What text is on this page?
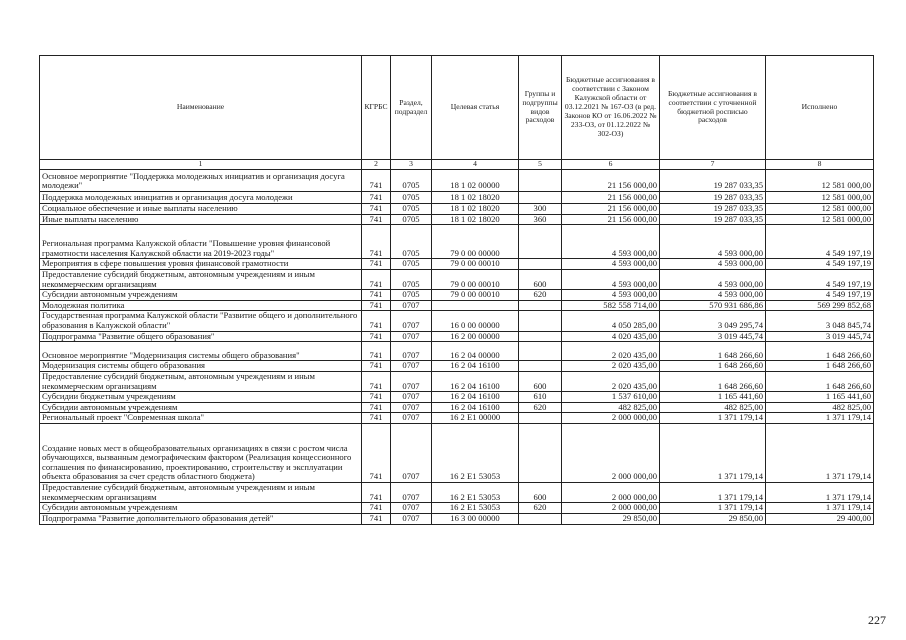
Наименование	КГРБС	Раздел, подраздел	Целевая статья	Группы и подгруппы видов расходов	Бюджетные ассигнования в соответствии с Законом Калужской области от 03.12.2021 № 167-ОЗ (в ред. Законов КО от 16.06.2022 № 233-ОЗ, от 01.12.2022 № 302-ОЗ)	Бюджетные ассигнования в соответствии с уточненной бюджетной росписью расходов	Исполнено
1	2	3	4	5	6	7	8
Основное мероприятие "Поддержка молодежных инициатив и организация досуга молодежи"	741	0705	18 1 02 00000		21 156 000,00	19 287 033,35	12 581 000,00
Поддержка молодежных инициатив и организация досуга молодежи	741	0705	18 1 02 18020		21 156 000,00	19 287 033,35	12 581 000,00
Социальное обеспечение и иные выплаты населению	741	0705	18 1 02 18020	300	21 156 000,00	19 287 033,35	12 581 000,00
Иные выплаты населению	741	0705	18 1 02 18020	360	21 156 000,00	19 287 033,35	12 581 000,00
Региональная программа Калужской области "Повышение уровня финансовой грамотности населения Калужской области на 2019-2023 годы"	741	0705	79 0 00 00000		4 593 000,00	4 593 000,00	4 549 197,19
Мероприятия в сфере повышения уровня финансовой грамотности	741	0705	79 0 00 00010		4 593 000,00	4 593 000,00	4 549 197,19
Предоставление субсидий бюджетным, автономным учреждениям и иным некоммерческим организациям	741	0705	79 0 00 00010	600	4 593 000,00	4 593 000,00	4 549 197,19
Субсидии автономным учреждениям	741	0705	79 0 00 00010	620	4 593 000,00	4 593 000,00	4 549 197,19
Молодежная политика	741	0707			582 558 714,00	570 931 686,86	569 299 852,68
Государственная программа Калужской области "Развитие общего и дополнительного образования в Калужской области"	741	0707	16 0 00 00000		4 050 285,00	3 049 295,74	3 048 845,74
Подпрограмма "Развитие общего образования"	741	0707	16 2 00 00000		4 020 435,00	3 019 445,74	3 019 445,74
Основное мероприятие "Модернизация системы общего образования"	741	0707	16 2 04 00000		2 020 435,00	1 648 266,60	1 648 266,60
Модернизация системы общего образования	741	0707	16 2 04 16100		2 020 435,00	1 648 266,60	1 648 266,60
Предоставление субсидий бюджетным, автономным учреждениям и иным некоммерческим организациям	741	0707	16 2 04 16100	600	2 020 435,00	1 648 266,60	1 648 266,60
Субсидии бюджетным учреждениям	741	0707	16 2 04 16100	610	1 537 610,00	1 165 441,60	1 165 441,60
Субсидии автономным учреждениям	741	0707	16 2 04 16100	620	482 825,00	482 825,00	482 825,00
Региональный проект "Современная школа"	741	0707	16 2 E1 00000		2 000 000,00	1 371 179,14	1 371 179,14
Создание новых мест в общеобразовательных организациях в связи с ростом числа обучающихся, вызванным демографическим фактором (Реализация концессионного соглашения по финансированию, проектированию, строительству и эксплуатации объекта образования за счет средств областного бюджета)	741	0707	16 2 E1 53053		2 000 000,00	1 371 179,14	1 371 179,14
Предоставление субсидий бюджетным, автономным учреждениям и иным некоммерческим организациям	741	0707	16 2 E1 53053	600	2 000 000,00	1 371 179,14	1 371 179,14
Субсидии автономным учреждениям	741	0707	16 2 E1 53053	620	2 000 000,00	1 371 179,14	1 371 179,14
Подпрограмма "Развитие дополнительного образования детей"	741	0707	16 3 00 00000		29 850,00	29 850,00	29 400,00
227
